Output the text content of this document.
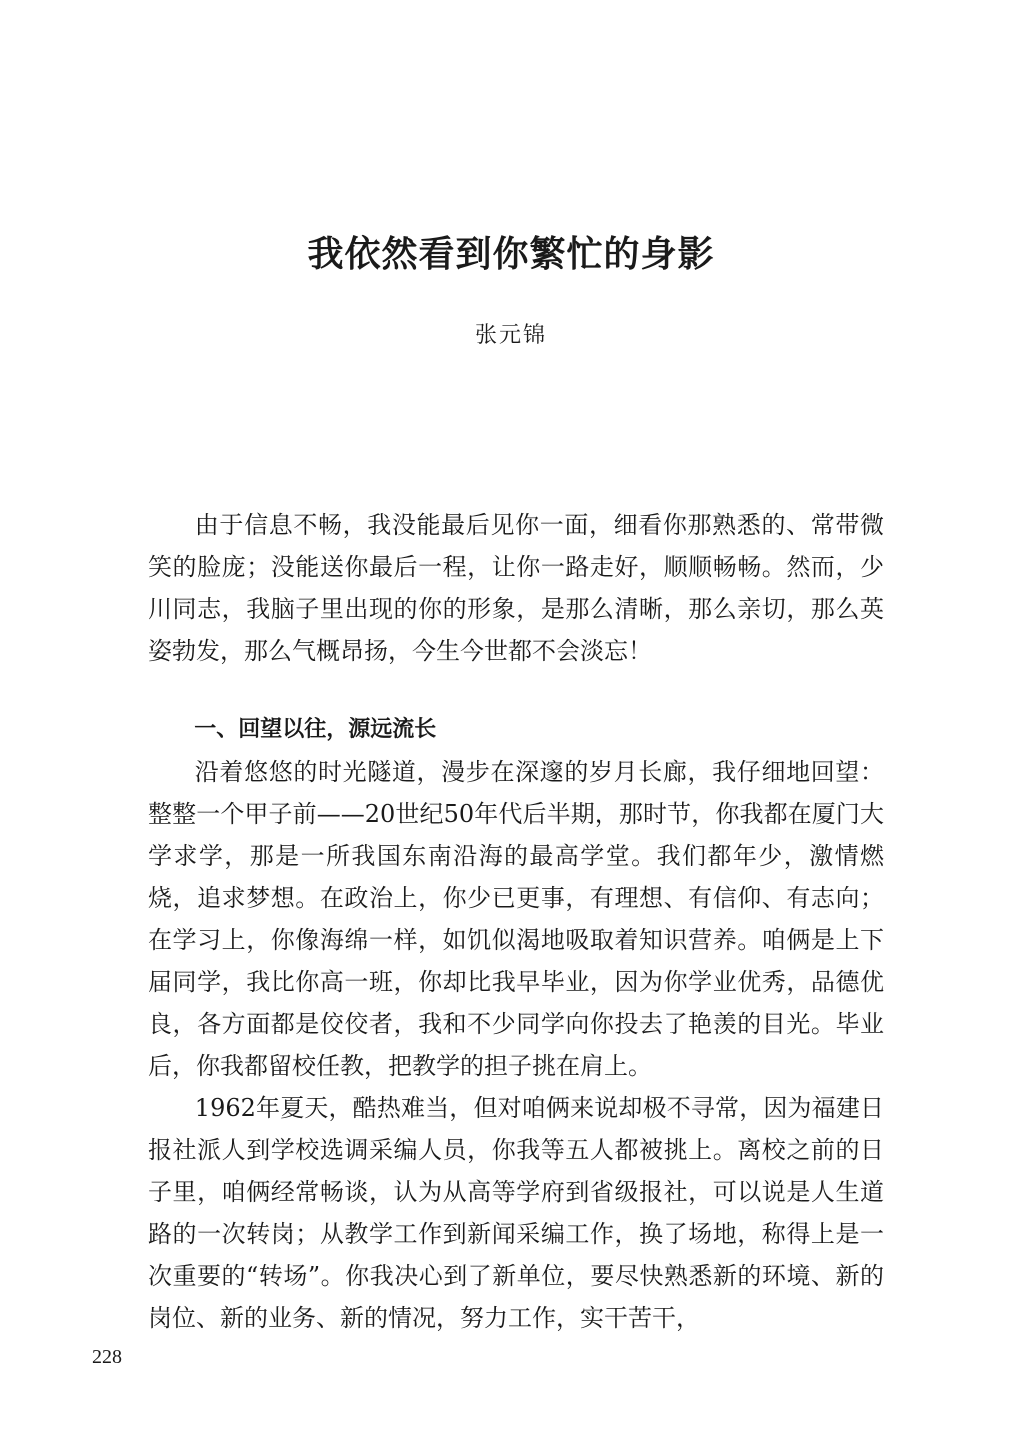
我依然看到你繁忙的身影

张元锦

由于信息不畅，我没能最后见你一面，细看你那熟悉的、常带微笑的脸庞；没能送你最后一程，让你一路走好，顺顺畅畅。然而，少川同志，我脑子里出现的你的形象，是那么清晰，那么亲切，那么英姿勃发，那么气概昂扬，今生今世都不会淡忘！

一、回望以往，源远流长

沿着悠悠的时光隧道，漫步在深邃的岁月长廊，我仔细地回望：整整一个甲子前——20世纪50年代后半期，那时节，你我都在厦门大学求学，那是一所我国东南沿海的最高学堂。我们都年少，激情燃烧，追求梦想。在政治上，你少已更事，有理想、有信仰、有志向；在学习上，你像海绵一样，如饥似渴地吸取着知识营养。咱俩是上下届同学，我比你高一班，你却比我早毕业，因为你学业优秀，品德优良，各方面都是佼佼者，我和不少同学向你投去了艳羡的目光。毕业后，你我都留校任教，把教学的担子挑在肩上。

1962年夏天，酷热难当，但对咱俩来说却极不寻常，因为福建日报社派人到学校选调采编人员，你我等五人都被挑上。离校之前的日子里，咱俩经常畅谈，认为从高等学府到省级报社，可以说是人生道路的一次转岗；从教学工作到新闻采编工作，换了场地，称得上是一次重要的“转场”。你我决心到了新单位，要尽快熟悉新的环境、新的岗位、新的业务、新的情况，努力工作，实干苦干，

228
